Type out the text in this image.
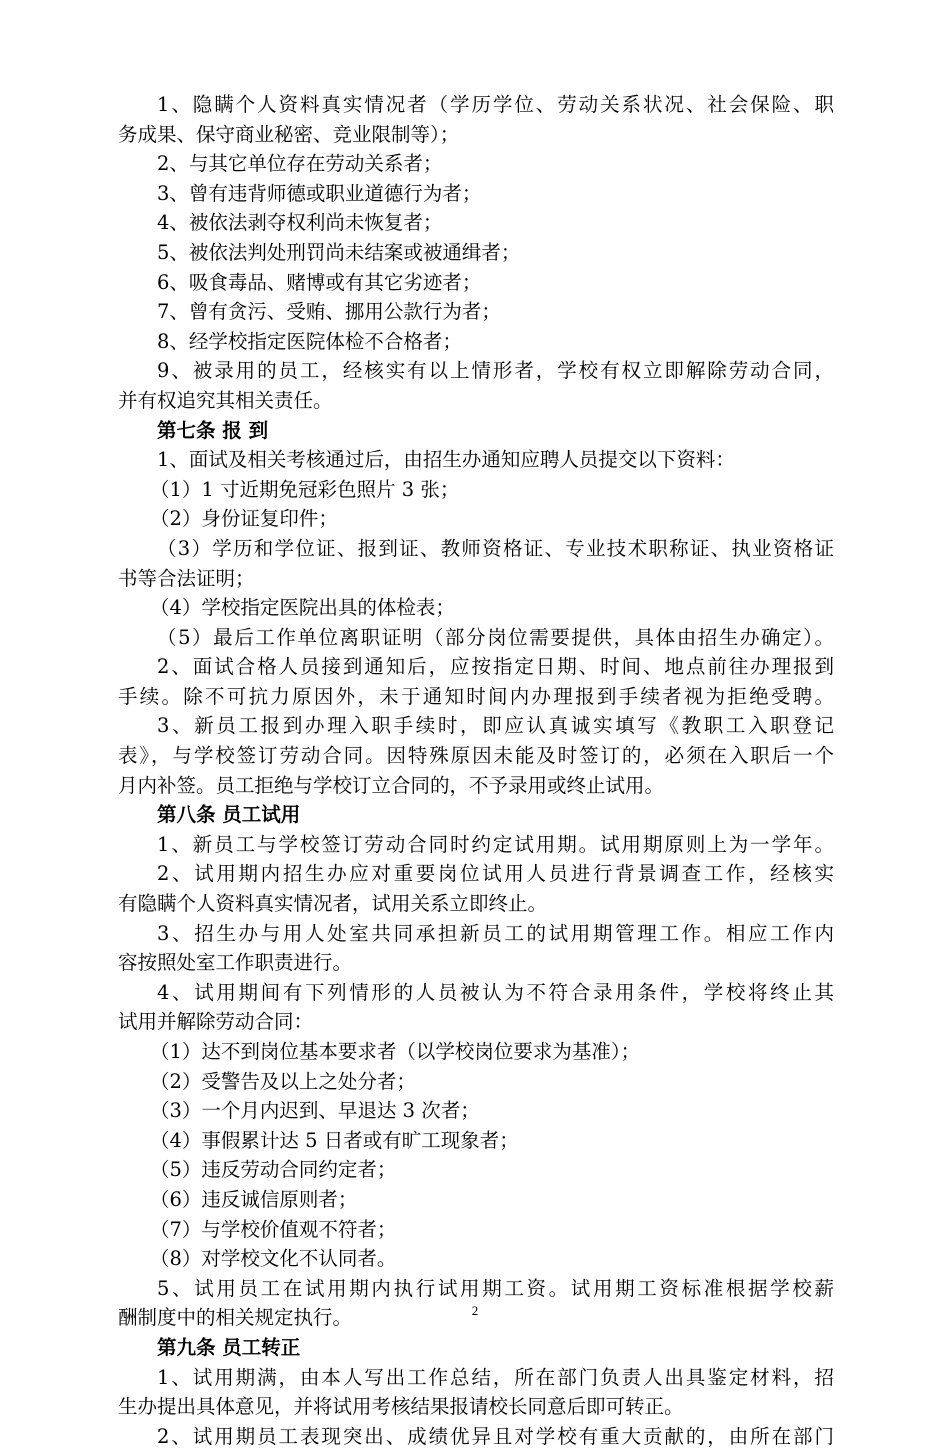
1、隐瞒个人资料真实情况者（学历学位、劳动关系状况、社会保险、职
务成果、保守商业秘密、竞业限制等）；
2、与其它单位存在劳动关系者；
3、曾有违背师德或职业道德行为者；
4、被依法剥夺权利尚未恢复者；
5、被依法判处刑罚尚未结案或被通缉者；
6、吸食毒品、赌博或有其它劣迹者；
7、曾有贪污、受贿、挪用公款行为者；
8、经学校指定医院体检不合格者；
9、被录用的员工，经核实有以上情形者，学校有权立即解除劳动合同，
并有权追究其相关责任。
第七条 报 到
1、面试及相关考核通过后，由招生办通知应聘人员提交以下资料：
（1）1 寸近期免冠彩色照片 3 张；
（2）身份证复印件；
（3）学历和学位证、报到证、教师资格证、专业技术职称证、执业资格证
书等合法证明；
（4）学校指定医院出具的体检表；
（5）最后工作单位离职证明（部分岗位需要提供，具体由招生办确定）。
2、面试合格人员接到通知后，应按指定日期、时间、地点前往办理报到
手续。除不可抗力原因外，未于通知时间内办理报到手续者视为拒绝受聘。
3、新员工报到办理入职手续时，即应认真诚实填写《教职工入职登记
表》，与学校签订劳动合同。因特殊原因未能及时签订的，必须在入职后一个
月内补签。员工拒绝与学校订立合同的，不予录用或终止试用。
第八条 员工试用
1、新员工与学校签订劳动合同时约定试用期。试用期原则上为一学年。
2、试用期内招生办应对重要岗位试用人员进行背景调查工作，经核实
有隐瞒个人资料真实情况者，试用关系立即终止。
3、招生办与用人处室共同承担新员工的试用期管理工作。相应工作内
容按照处室工作职责进行。
4、试用期间有下列情形的人员被认为不符合录用条件，学校将终止其
试用并解除劳动合同：
（1）达不到岗位基本要求者（以学校岗位要求为基准）；
（2）受警告及以上之处分者；
（3）一个月内迟到、早退达 3 次者；
（4）事假累计达 5 日者或有旷工现象者；
（5）违反劳动合同约定者；
（6）违反诚信原则者；
（7）与学校价值观不符者；
（8）对学校文化不认同者。
5、试用员工在试用期内执行试用期工资。试用期工资标准根据学校薪
酬制度中的相关规定执行。
第九条 员工转正
1、试用期满，由本人写出工作总结，所在部门负责人出具鉴定材料，招
生办提出具体意见，并将试用考核结果报请校长同意后即可转正。
2、试用期员工表现突出、成绩优异且对学校有重大贡献的，由所在部门
2
